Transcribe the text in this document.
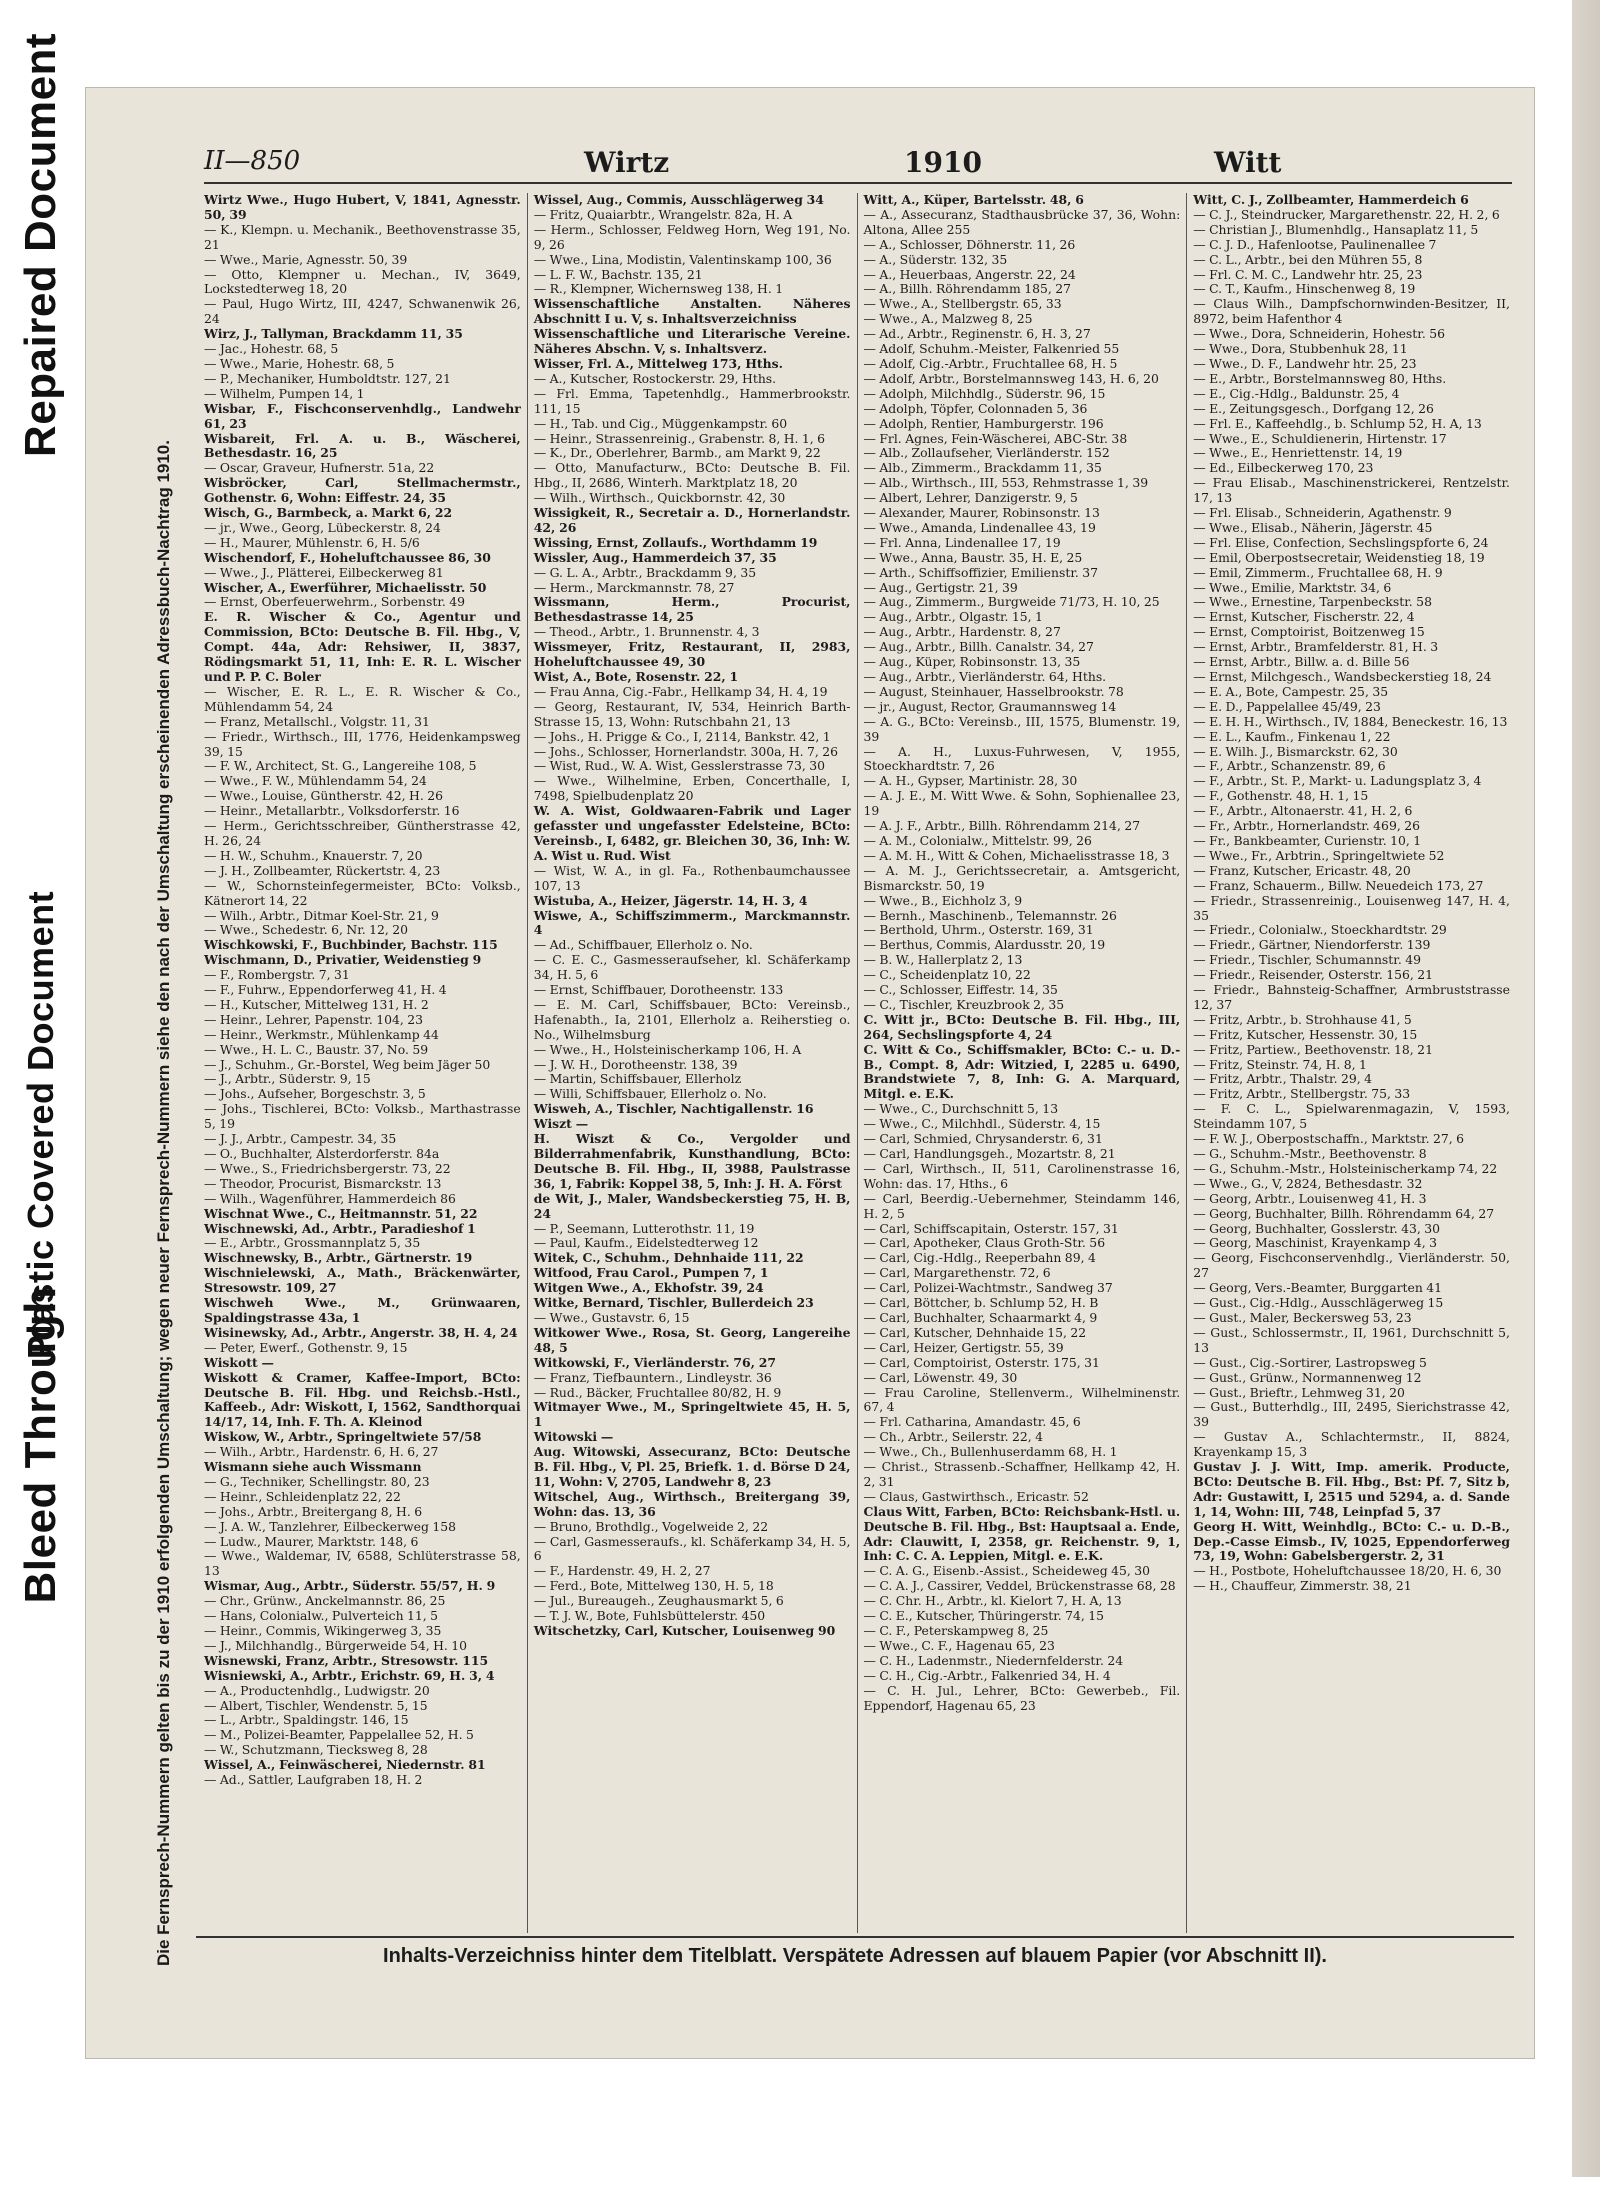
Repaired Document
Plastic Covered Document
Bleed Through	Die Fernsprech-Nummern gelten bis zu der 1910 erfolgenden Umschaltung; wegen neuer Fernsprech-Nummern siehe den nach der Umschaltung erscheinenden Adressbuch-Nachtrag 1910.
II—850	Wirtz	1910	Witt
Wirtz Wwe., Hugo Hubert, V, 1841, Agnesstr. 50, 39
— K., Klempn. u. Mechanik., Beethovenstrasse 35, 21
— Wwe., Marie, Agnesstr. 50, 39
— Otto, Klempner u. Mechan., IV, 3649, Lockstedterweg 18, 20
— Paul, Hugo Wirtz, III, 4247, Schwanenwik 26, 24
Wirz, J., Tallyman, Brackdamm 11, 35
— Jac., Hohestr. 68, 5
— Wwe., Marie, Hohestr. 68, 5
— P., Mechaniker, Humboldtstr. 127, 21
— Wilhelm, Pumpen 14, 1
Wisbar, F., Fischconservenhdlg., Landwehr 61, 23
Wisbareit, Frl. A. u. B., Wäscherei, Bethesdastr. 16, 25
— Oscar, Graveur, Hufnerstr. 51a, 22
Wisbröcker, Carl, Stellmachermstr., Gothenstr. 6, Wohn: Eiffestr. 24, 35
Wisch, G., Barmbeck, a. Markt 6, 22
— jr., Wwe., Georg, Lübeckerstr. 8, 24
— H., Maurer, Mühlenstr. 6, H. 5/6
Wischendorf, F., Hoheluftchaussee 86, 30
— Wwe., J., Plätterei, Eilbeckerweg 81
Wischer, A., Ewerführer, Michaelisstr. 50
— Ernst, Oberfeuerwehrm., Sorbenstr. 49
E. R. Wischer & Co., Agentur und Commission, BCto: Deutsche B. Fil. Hbg., V, Compt. 44a, Adr: Rehsiwer, II, 3837, Rödingsmarkt 51, 11, Inh: E. R. L. Wischer und P. P. C. Boler
— Wischer, E. R. L., E. R. Wischer & Co., Mühlendamm 54, 24
— Franz, Metallschl., Volgstr. 11, 31
— Friedr., Wirthsch., III, 1776, Heidenkampsweg 39, 15
— F. W., Architect, St. G., Langereihe 108, 5
— Wwe., F. W., Mühlendamm 54, 24
— Wwe., Louise, Güntherstr. 42, H. 26
— Heinr., Metallarbtr., Volksdorferstr. 16
— Herm., Gerichtsschreiber, Güntherstrasse 42, H. 26, 24
— H. W., Schuhm., Knauerstr. 7, 20
— J. H., Zollbeamter, Rückertstr. 4, 23
— W., Schornsteinfegermeister, BCto: Volksb., Kätnerort 14, 22
— Wilh., Arbtr., Ditmar Koel-Str. 21, 9
— Wwe., Schedestr. 6, Nr. 12, 20
Wischkowski, F., Buchbinder, Bachstr. 115
Wischmann, D., Privatier, Weidenstieg 9
— F., Rombergstr. 7, 31
— F., Fuhrw., Eppendorferweg 41, H. 4
— H., Kutscher, Mittelweg 131, H. 2
— Heinr., Lehrer, Papenstr. 104, 23
— Heinr., Werkmstr., Mühlenkamp 44
— Wwe., H. L. C., Baustr. 37, No. 59
— J., Schuhm., Gr.-Borstel, Weg beim Jäger 50
— J., Arbtr., Süderstr. 9, 15
— Johs., Aufseher, Borgeschstr. 3, 5
— Johs., Tischlerei, BCto: Volksb., Marthastrasse 5, 19
— J. J., Arbtr., Campestr. 34, 35
— O., Buchhalter, Alsterdorferstr. 84a
— Wwe., S., Friedrichsbergerstr. 73, 22
— Theodor, Procurist, Bismarckstr. 13
— Wilh., Wagenführer, Hammerdeich 86
Wischnat Wwe., C., Heitmannstr. 51, 22
Wischnewski, Ad., Arbtr., Paradieshof 1
— E., Arbtr., Grossmannplatz 5, 35
Wischnewsky, B., Arbtr., Gärtnerstr. 19
Wischnielewski, A., Math., Bräckenwärter, Stresowstr. 109, 27
Wischweh Wwe., M., Grünwaaren, Spaldingstrasse 43a, 1
Wisinewsky, Ad., Arbtr., Angerstr. 38, H. 4, 24
— Peter, Ewerf., Gothenstr. 9, 15
Wiskott —
Wiskott & Cramer, Kaffee-Import, BCto: Deutsche B. Fil. Hbg. und Reichsb.-Hstl., Kaffeeb., Adr: Wiskott, I, 1562, Sandthorquai 14/17, 14, Inh. F. Th. A. Kleinod
Wiskow, W., Arbtr., Springeltwiete 57/58
— Wilh., Arbtr., Hardenstr. 6, H. 6, 27
Wismann siehe auch Wissmann
— G., Techniker, Schellingstr. 80, 23
— Heinr., Schleidenplatz 22, 22
— Johs., Arbtr., Breitergang 8, H. 6
— J. A. W., Tanzlehrer, Eilbeckerweg 158
— Ludw., Maurer, Marktstr. 148, 6
— Wwe., Waldemar, IV, 6588, Schlüterstrasse 58, 13
Wismar, Aug., Arbtr., Süderstr. 55/57, H. 9
— Chr., Grünw., Anckelmannstr. 86, 25
— Hans, Colonialw., Pulverteich 11, 5
— Heinr., Commis, Wikingerweg 3, 35
— J., Milchhandlg., Bürgerweide 54, H. 10
Wisnewski, Franz, Arbtr., Stresowstr. 115
Wisniewski, A., Arbtr., Erichstr. 69, H. 3, 4
— A., Productenhdlg., Ludwigstr. 20
— Albert, Tischler, Wendenstr. 5, 15
— L., Arbtr., Spaldingstr. 146, 15
— M., Polizei-Beamter, Pappelallee 52, H. 5
— W., Schutzmann, Tiecksweg 8, 28
Wissel, A., Feinwäscherei, Niedernstr. 81
— Ad., Sattler, Laufgraben 18, H. 2
Wissel, Aug., Commis, Ausschlägerweg 34
— Fritz, Quaiarbtr., Wrangelstr. 82a, H. A
— Herm., Schlosser, Feldweg Horn, Weg 191, No. 9, 26
— Wwe., Lina, Modistin, Valentinskamp 100, 36
— L. F. W., Bachstr. 135, 21
— R., Klempner, Wichernsweg 138, H. 1
Wissenschaftliche Anstalten. Näheres Abschnitt I u. V, s. Inhaltsverzeichniss
Wissenschaftliche und Literarische Vereine. Näheres Abschn. V, s. Inhaltsverz.
Wisser, Frl. A., Mittelweg 173, Hths.
— A., Kutscher, Rostockerstr. 29, Hths.
— Frl. Emma, Tapetenhdlg., Hammerbrookstr. 111, 15
— H., Tab. und Cig., Müggenkampstr. 60
— Heinr., Strassenreinig., Grabenstr. 8, H. 1, 6
— K., Dr., Oberlehrer, Barmb., am Markt 9, 22
— Otto, Manufacturw., BCto: Deutsche B. Fil. Hbg., II, 2686, Winterh. Marktplatz 18, 20
— Wilh., Wirthsch., Quickbornstr. 42, 30
Wissigkeit, R., Secretair a. D., Hornerlandstr. 42, 26
Wissing, Ernst, Zollaufs., Worthdamm 19
Wissler, Aug., Hammerdeich 37, 35
— G. L. A., Arbtr., Brackdamm 9, 35
— Herm., Marckmannstr. 78, 27
Wissmann, Herm., Procurist, Bethesdastrasse 14, 25
— Theod., Arbtr., 1. Brunnenstr. 4, 3
Wissmeyer, Fritz, Restaurant, II, 2983, Hoheluftchaussee 49, 30
Wist, A., Bote, Rosenstr. 22, 1
— Frau Anna, Cig.-Fabr., Hellkamp 34, H. 4, 19
— Georg, Restaurant, IV, 534, Heinrich Barth-Strasse 15, 13, Wohn: Rutschbahn 21, 13
— Johs., H. Prigge & Co., I, 2114, Bankstr. 42, 1
— Johs., Schlosser, Hornerlandstr. 300a, H. 7, 26
— Wist, Rud., W. A. Wist, Gesslerstrasse 73, 30
— Wwe., Wilhelmine, Erben, Concerthalle, I, 7498, Spielbudenplatz 20
W. A. Wist, Goldwaaren-Fabrik und Lager gefasster und ungefasster Edelsteine, BCto: Vereinsb., I, 6482, gr. Bleichen 30, 36, Inh: W. A. Wist u. Rud. Wist
— Wist, W. A., in gl. Fa., Rothenbaumchaussee 107, 13
Wistuba, A., Heizer, Jägerstr. 14, H. 3, 4
Wiswe, A., Schiffszimmerm., Marckmannstr. 4
— Ad., Schiffbauer, Ellerholz o. No.
— C. E. C., Gasmesseraufseher, kl. Schäferkamp 34, H. 5, 6
— Ernst, Schiffbauer, Dorotheenstr. 133
— E. M. Carl, Schiffsbauer, BCto: Vereinsb., Hafenabth., Ia, 2101, Ellerholz a. Reiherstieg o. No., Wilhelmsburg
— Wwe., H., Holsteinischerkamp 106, H. A
— J. W. H., Dorotheenstr. 138, 39
— Martin, Schiffsbauer, Ellerholz
— Willi, Schiffsbauer, Ellerholz o. No.
Wisweh, A., Tischler, Nachtigallenstr. 16
Wiszt —
H. Wiszt & Co., Vergolder und Bilderrahmenfabrik, Kunsthandlung, BCto: Deutsche B. Fil. Hbg., II, 3988, Paulstrasse 36, 1, Fabrik: Koppel 38, 5, Inh: J. H. A. Först
de Wit, J., Maler, Wandsbeckerstieg 75, H. B, 24
— P., Seemann, Lutterothstr. 11, 19
— Paul, Kaufm., Eidelstedterweg 12
Witek, C., Schuhm., Dehnhaide 111, 22
Witfood, Frau Carol., Pumpen 7, 1
Witgen Wwe., A., Ekhofstr. 39, 24
Witke, Bernard, Tischler, Bullerdeich 23
— Wwe., Gustavstr. 6, 15
Witkower Wwe., Rosa, St. Georg, Langereihe 48, 5
Witkowski, F., Vierländerstr. 76, 27
— Franz, Tiefbauntern., Lindleystr. 36
— Rud., Bäcker, Fruchtallee 80/82, H. 9
Witmayer Wwe., M., Springeltwiete 45, H. 5, 1
Witowski —
Aug. Witowski, Assecuranz, BCto: Deutsche B. Fil. Hbg., V, Pl. 25, Briefk. 1. d. Börse D 24, 11, Wohn: V, 2705, Landwehr 8, 23
Witschel, Aug., Wirthsch., Breitergang 39, Wohn: das. 13, 36
— Bruno, Brothdlg., Vogelweide 2, 22
— Carl, Gasmesseraufs., kl. Schäferkamp 34, H. 5, 6
— F., Hardenstr. 49, H. 2, 27
— Ferd., Bote, Mittelweg 130, H. 5, 18
— Jul., Bureaugeh., Zeughausmarkt 5, 6
— T. J. W., Bote, Fuhlsbüttelerstr. 450
Witschetzky, Carl, Kutscher, Louisenweg 90
Witt, A., Küper, Bartelsstr. 48, 6
— A., Assecuranz, Stadthausbrücke 37, 36, Wohn: Altona, Allee 255
— A., Schlosser, Döhnerstr. 11, 26
— A., Süderstr. 132, 35
— A., Heuerbaas, Angerstr. 22, 24
— A., Billh. Röhrendamm 185, 27
— Wwe., A., Stellbergstr. 65, 33
— Wwe., A., Malzweg 8, 25
— Ad., Arbtr., Reginenstr. 6, H. 3, 27
— Adolf, Schuhm.-Meister, Falkenried 55
— Adolf, Cig.-Arbtr., Fruchtallee 68, H. 5
— Adolf, Arbtr., Borstelmannsweg 143, H. 6, 20
— Adolph, Milchhdlg., Süderstr. 96, 15
— Adolph, Töpfer, Colonnaden 5, 36
— Adolph, Rentier, Hamburgerstr. 196
— Frl. Agnes, Fein-Wäscherei, ABC-Str. 38
— Alb., Zollaufseher, Vierländerstr. 152
— Alb., Zimmerm., Brackdamm 11, 35
— Alb., Wirthsch., III, 553, Rehmstrasse 1, 39
— Albert, Lehrer, Danzigerstr. 9, 5
— Alexander, Maurer, Robinsonstr. 13
— Wwe., Amanda, Lindenallee 43, 19
— Frl. Anna, Lindenallee 17, 19
— Wwe., Anna, Baustr. 35, H. E, 25
— Arth., Schiffsoffizier, Emilienstr. 37
— Aug., Gertigstr. 21, 39
— Aug., Zimmerm., Burgweide 71/73, H. 10, 25
— Aug., Arbtr., Olgastr. 15, 1
— Aug., Arbtr., Hardenstr. 8, 27
— Aug., Arbtr., Billh. Canalstr. 34, 27
— Aug., Küper, Robinsonstr. 13, 35
— Aug., Arbtr., Vierländerstr. 64, Hths.
— August, Steinhauer, Hasselbrookstr. 78
— jr., August, Rector, Graumannsweg 14
— A. G., BCto: Vereinsb., III, 1575, Blumenstr. 19, 39
— A. H., Luxus-Fuhrwesen, V, 1955, Stoeckhardtstr. 7, 26
— A. H., Gypser, Martinistr. 28, 30
— A. J. E., M. Witt Wwe. & Sohn, Sophienallee 23, 19
— A. J. F., Arbtr., Billh. Röhrendamm 214, 27
— A. M., Colonialw., Mittelstr. 99, 26
— A. M. H., Witt & Cohen, Michaelisstrasse 18, 3
— A. M. J., Gerichtssecretair, a. Amtsgericht, Bismarckstr. 50, 19
— Wwe., B., Eichholz 3, 9
— Bernh., Maschinenb., Telemannstr. 26
— Berthold, Uhrm., Osterstr. 169, 31
— Berthus, Commis, Alardusstr. 20, 19
— B. W., Hallerplatz 2, 13
— C., Scheidenplatz 10, 22
— C., Schlosser, Eiffestr. 14, 35
— C., Tischler, Kreuzbrook 2, 35
C. Witt jr., BCto: Deutsche B. Fil. Hbg., III, 264, Sechslingspforte 4, 24
C. Witt & Co., Schiffsmakler, BCto: C.- u. D.-B., Compt. 8, Adr: Witzied, I, 2285 u. 6490, Brandstwiete 7, 8, Inh: G. A. Marquard, Mitgl. e. E.K.
— Wwe., C., Durchschnitt 5, 13
— Wwe., C., Milchhdl., Süderstr. 4, 15
— Carl, Schmied, Chrysanderstr. 6, 31
— Carl, Handlungsgeh., Mozartstr. 8, 21
— Carl, Wirthsch., II, 511, Carolinenstrasse 16, Wohn: das. 17, Hths., 6
— Carl, Beerdig.-Uebernehmer, Steindamm 146, H. 2, 5
— Carl, Schiffscapitain, Osterstr. 157, 31
— Carl, Apotheker, Claus Groth-Str. 56
— Carl, Cig.-Hdlg., Reeperbahn 89, 4
— Carl, Margarethenstr. 72, 6
— Carl, Polizei-Wachtmstr., Sandweg 37
— Carl, Böttcher, b. Schlump 52, H. B
— Carl, Buchhalter, Schaarmarkt 4, 9
— Carl, Kutscher, Dehnhaide 15, 22
— Carl, Heizer, Gertigstr. 55, 39
— Carl, Comptoirist, Osterstr. 175, 31
— Carl, Löwenstr. 49, 30
— Frau Caroline, Stellenverm., Wilhelminenstr. 67, 4
— Frl. Catharina, Amandastr. 45, 6
— Ch., Arbtr., Seilerstr. 22, 4
— Wwe., Ch., Bullenhuserdamm 68, H. 1
— Christ., Strassenb.-Schaffner, Hellkamp 42, H. 2, 31
— Claus, Gastwirthsch., Ericastr. 52
Claus Witt, Farben, BCto: Reichsbank-Hstl. u. Deutsche B. Fil. Hbg., Bst: Hauptsaal a. Ende, Adr: Clauwitt, I, 2358, gr. Reichenstr. 9, 1, Inh: C. C. A. Leppien, Mitgl. e. E.K.
— C. A. G., Eisenb.-Assist., Scheideweg 45, 30
— C. A. J., Cassirer, Veddel, Brückenstrasse 68, 28
— C. Chr. H., Arbtr., kl. Kielort 7, H. A, 13
— C. E., Kutscher, Thüringerstr. 74, 15
— C. F., Peterskampweg 8, 25
— Wwe., C. F., Hagenau 65, 23
— C. H., Ladenmstr., Niedernfelderstr. 24
— C. H., Cig.-Arbtr., Falkenried 34, H. 4
— C. H. Jul., Lehrer, BCto: Gewerbeb., Fil. Eppendorf, Hagenau 65, 23
Witt, C. J., Zollbeamter, Hammerdeich 6
— C. J., Steindrucker, Margarethenstr. 22, H. 2, 6
— Christian J., Blumenhdlg., Hansaplatz 11, 5
— C. J. D., Hafenlootse, Paulinenallee 7
— C. L., Arbtr., bei den Mühren 55, 8
— Frl. C. M. C., Landwehr htr. 25, 23
— C. T., Kaufm., Hinschenweg 8, 19
— Claus Wilh., Dampfschornwinden-Besitzer, II, 8972, beim Hafenthor 4
— Wwe., Dora, Schneiderin, Hohestr. 56
— Wwe., Dora, Stubbenhuk 28, 11
— Wwe., D. F., Landwehr htr. 25, 23
— E., Arbtr., Borstelmannsweg 80, Hths.
— E., Cig.-Hdlg., Baldunstr. 25, 4
— E., Zeitungsgesch., Dorfgang 12, 26
— Frl. E., Kaffeehdlg., b. Schlump 52, H. A, 13
— Wwe., E., Schuldienerin, Hirtenstr. 17
— Wwe., E., Henriettenstr. 14, 19
— Ed., Eilbeckerweg 170, 23
— Frau Elisab., Maschinenstrickerei, Rentzelstr. 17, 13
— Frl. Elisab., Schneiderin, Agathenstr. 9
— Wwe., Elisab., Näherin, Jägerstr. 45
— Frl. Elise, Confection, Sechslingspforte 6, 24
— Emil, Oberpostsecretair, Weidenstieg 18, 19
— Emil, Zimmerm., Fruchtallee 68, H. 9
— Wwe., Emilie, Marktstr. 34, 6
— Wwe., Ernestine, Tarpenbeckstr. 58
— Ernst, Kutscher, Fischerstr. 22, 4
— Ernst, Comptoirist, Boitzenweg 15
— Ernst, Arbtr., Bramfelderstr. 81, H. 3
— Ernst, Arbtr., Billw. a. d. Bille 56
— Ernst, Milchgesch., Wandsbeckerstieg 18, 24
— E. A., Bote, Campestr. 25, 35
— E. D., Pappelallee 45/49, 23
— E. H. H., Wirthsch., IV, 1884, Beneckestr. 16, 13
— E. L., Kaufm., Finkenau 1, 22
— E. Wilh. J., Bismarckstr. 62, 30
— F., Arbtr., Schanzenstr. 89, 6
— F., Arbtr., St. P., Markt- u. Ladungsplatz 3, 4
— F., Gothenstr. 48, H. 1, 15
— F., Arbtr., Altonaerstr. 41, H. 2, 6
— Fr., Arbtr., Hornerlandstr. 469, 26
— Fr., Bankbeamter, Curienstr. 10, 1
— Wwe., Fr., Arbtrin., Springeltwiete 52
— Franz, Kutscher, Ericastr. 48, 20
— Franz, Schauerm., Billw. Neuedeich 173, 27
— Friedr., Strassenreinig., Louisenweg 147, H. 4, 35
— Friedr., Colonialw., Stoeckhardtstr. 29
— Friedr., Gärtner, Niendorferstr. 139
— Friedr., Tischler, Schumannstr. 49
— Friedr., Reisender, Osterstr. 156, 21
— Friedr., Bahnsteig-Schaffner, Armbruststrasse 12, 37
— Fritz, Arbtr., b. Strohhause 41, 5
— Fritz, Kutscher, Hessenstr. 30, 15
— Fritz, Partiew., Beethovenstr. 18, 21
— Fritz, Steinstr. 74, H. 8, 1
— Fritz, Arbtr., Thalstr. 29, 4
— Fritz, Arbtr., Stellbergstr. 75, 33
— F. C. L., Spielwarenmagazin, V, 1593, Steindamm 107, 5
— F. W. J., Oberpostschaffn., Marktstr. 27, 6
— G., Schuhm.-Mstr., Beethovenstr. 8
— G., Schuhm.-Mstr., Holsteinischerkamp 74, 22
— Wwe., G., V, 2824, Bethesdastr. 32
— Georg, Arbtr., Louisenweg 41, H. 3
— Georg, Buchhalter, Billh. Röhrendamm 64, 27
— Georg, Buchhalter, Gosslerstr. 43, 30
— Georg, Maschinist, Krayenkamp 4, 3
— Georg, Fischconservenhdlg., Vierländerstr. 50, 27
— Georg, Vers.-Beamter, Burggarten 41
— Gust., Cig.-Hdlg., Ausschlägerweg 15
— Gust., Maler, Beckersweg 53, 23
— Gust., Schlossermstr., II, 1961, Durchschnitt 5, 13
— Gust., Cig.-Sortirer, Lastropsweg 5
— Gust., Grünw., Normannenweg 12
— Gust., Brieftr., Lehmweg 31, 20
— Gust., Butterhdlg., III, 2495, Sierichstrasse 42, 39
— Gustav A., Schlachtermstr., II, 8824, Krayenkamp 15, 3
Gustav J. J. Witt, Imp. amerik. Producte, BCto: Deutsche B. Fil. Hbg., Bst: Pf. 7, Sitz b, Adr: Gustawitt, I, 2515 und 5294, a. d. Sande 1, 14, Wohn: III, 748, Leinpfad 5, 37
Georg H. Witt, Weinhdlg., BCto: C.- u. D.-B., Dep.-Casse Eimsb., IV, 1025, Eppendorferweg 73, 19, Wohn: Gabelsbergerstr. 2, 31
— H., Postbote, Hoheluftchaussee 18/20, H. 6, 30
— H., Chauffeur, Zimmerstr. 38, 21
Inhalts-Verzeichniss hinter dem Titelblatt. Verspätete Adressen auf blauem Papier (vor Abschnitt II).
